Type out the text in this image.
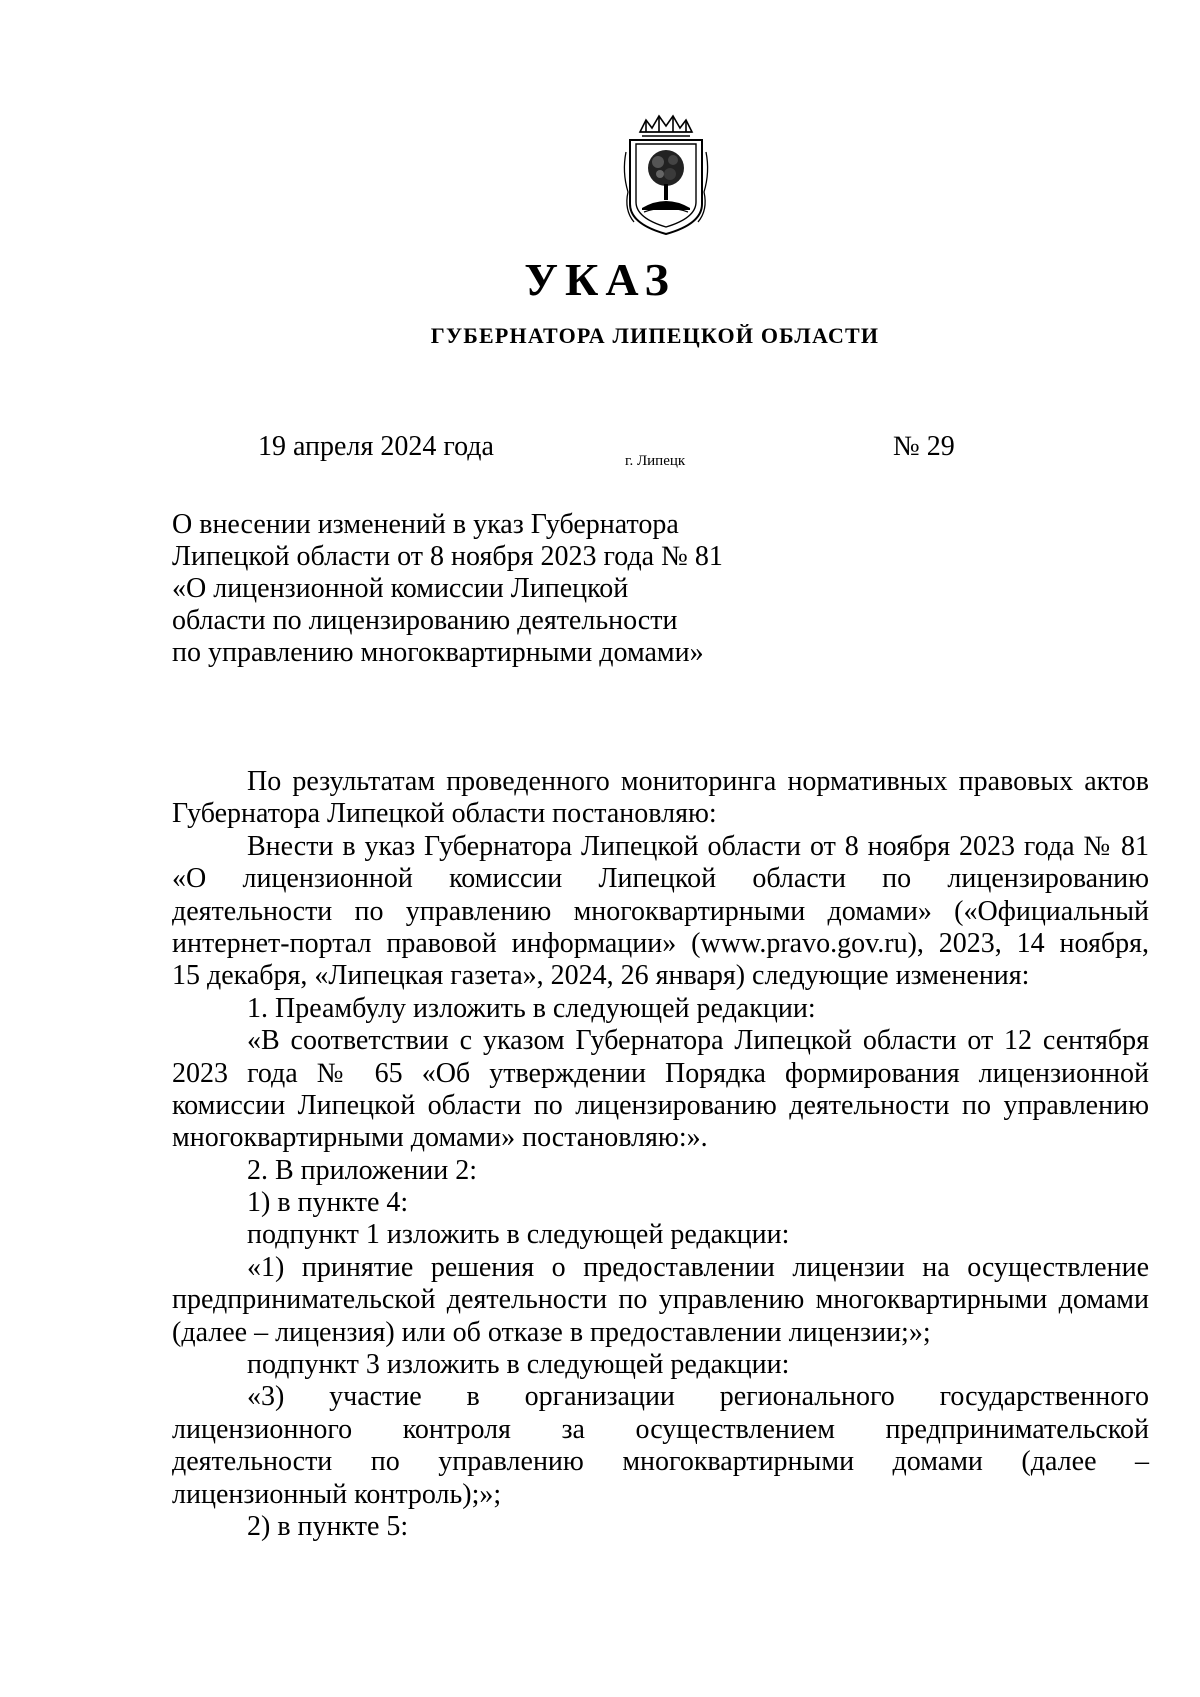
УКАЗ
ГУБЕРНАТОРА ЛИПЕЦКОЙ ОБЛАСТИ
19 апреля 2024 года	г. Липецк	№ 29
О внесении изменений в указ Губернатора
Липецкой области от 8 ноября 2023 года № 81
«О лицензионной комиссии Липецкой
области по лицензированию деятельности
по управлению многоквартирными домами»
По результатам проведенного мониторинга нормативных правовых актов
Губернатора Липецкой области постановляю:
Внести в указ Губернатора Липецкой области от 8 ноября 2023 года № 81
«О лицензионной комиссии Липецкой области по лицензированию
деятельности по управлению многоквартирными домами» («Официальный
интернет-портал правовой информации» (www.pravo.gov.ru), 2023, 14 ноября,
15 декабря, «Липецкая газета», 2024, 26 января) следующие изменения:
1. Преамбулу изложить в следующей редакции:
«В соответствии с указом Губернатора Липецкой области от 12 сентября
2023 года № 65 «Об утверждении Порядка формирования лицензионной
комиссии Липецкой области по лицензированию деятельности по управлению
многоквартирными домами» постановляю:».
2. В приложении 2:
1) в пункте 4:
подпункт 1 изложить в следующей редакции:
«1) принятие решения о предоставлении лицензии на осуществление
предпринимательской деятельности по управлению многоквартирными домами
(далее – лицензия) или об отказе в предоставлении лицензии;»;
подпункт 3 изложить в следующей редакции:
«3) участие в организации регионального государственного
лицензионного контроля за осуществлением предпринимательской
деятельности по управлению многоквартирными домами (далее –
лицензионный контроль);»;
2) в пункте 5:
